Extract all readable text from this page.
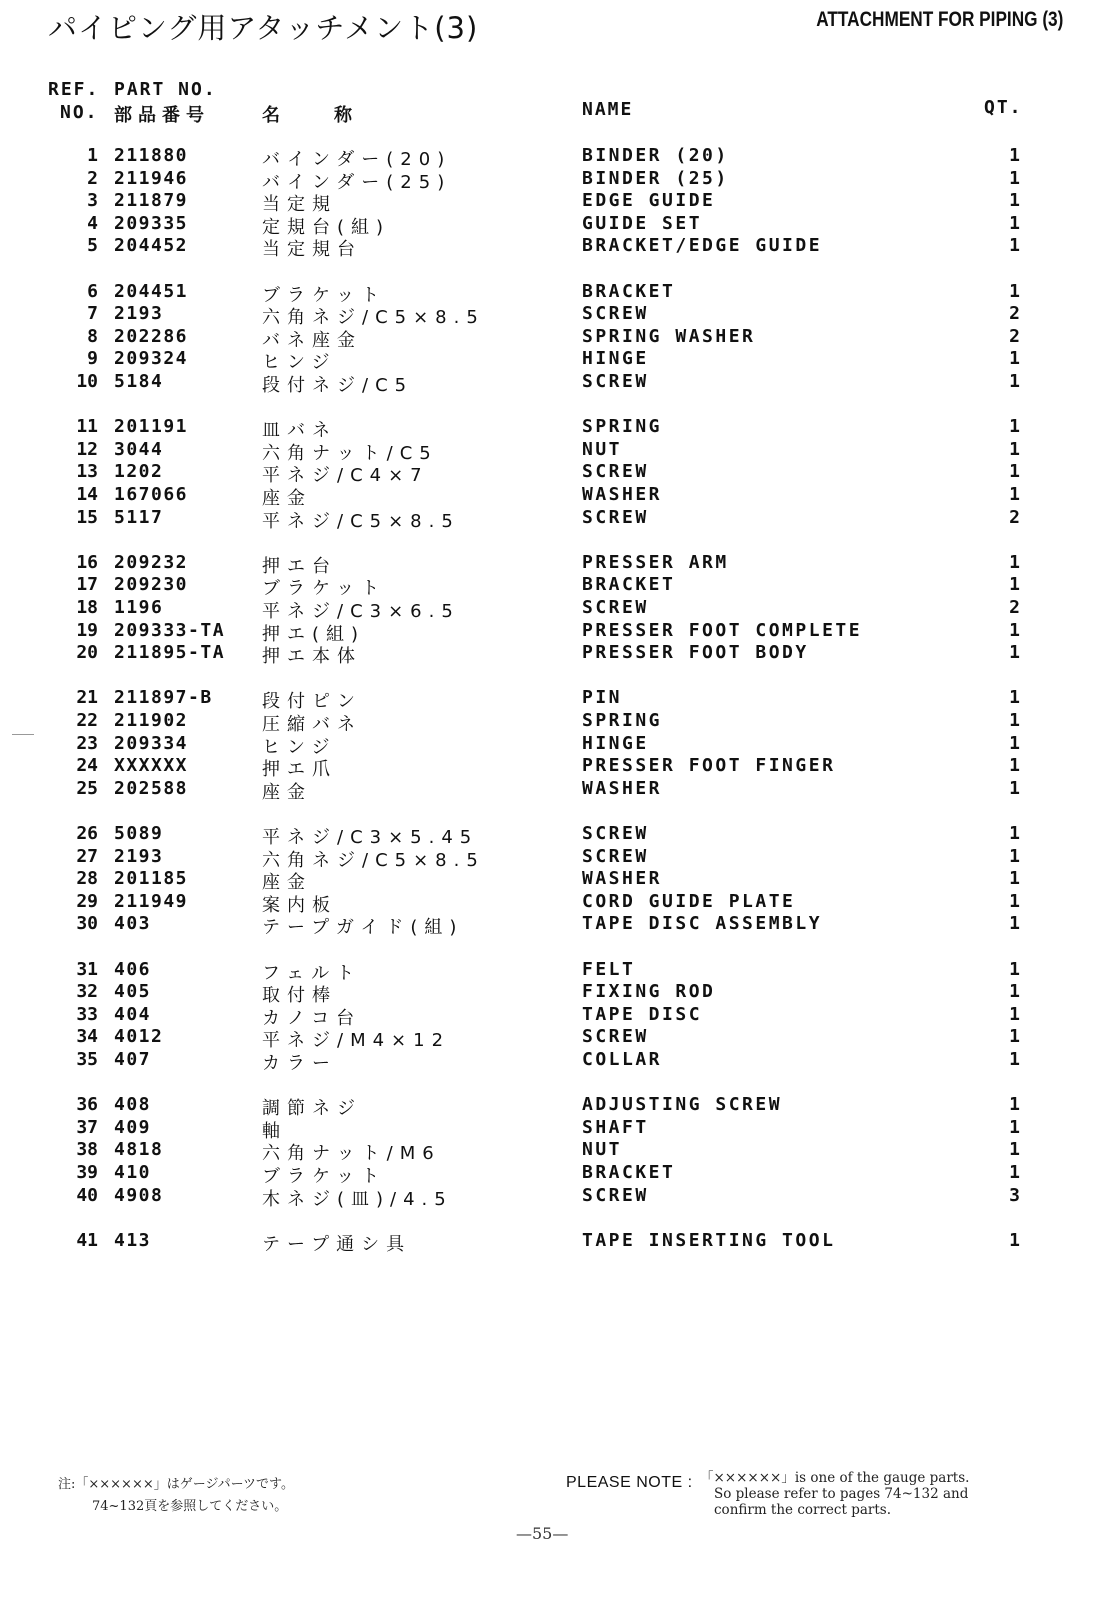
パイピング用アタッチメント(3)	ATTACHMENT FOR PIPING (3)
REF.
NO.
PART NO.
部品番号	名　称	NAME	QT.
1 211880	バインダー(20)	BINDER (20)	1
2 211946	バインダー(25)	BINDER (25)	1
3 211879	当定規	EDGE GUIDE	1
4 209335	定規台(組)	GUIDE SET	1
5 204452	当定規台	BRACKET/EDGE GUIDE	1
6 204451	ブラケット	BRACKET	1
7 2193	六角ネジ/C5×8.5	SCREW	2
8 202286	バネ座金	SPRING WASHER	2
9 209324	ヒンジ	HINGE	1
10 5184	段付ネジ/C5	SCREW	1
11 201191	皿バネ	SPRING	1
12 3044	六角ナット/C5	NUT	1
13 1202	平ネジ/C4×7	SCREW	1
14 167066	座金	WASHER	1
15 5117	平ネジ/C5×8.5	SCREW	2
16 209232	押エ台	PRESSER ARM	1
17 209230	ブラケット	BRACKET	1
18 1196	平ネジ/C3×6.5	SCREW	2
19 209333-TA 押エ(組)	PRESSER FOOT COMPLETE	1
20 211895-TA 押エ本体	PRESSER FOOT BODY	1
21 211897-B	段付ピン	PIN	1
22 211902	圧縮バネ	SPRING	1
23 209334	ヒンジ	HINGE	1
24 XXXXXX	押エ爪	PRESSER FOOT FINGER	1
25 202588	座金	WASHER	1
26 5089	平ネジ/C3×5.45	SCREW	1
27 2193	六角ネジ/C5×8.5	SCREW	1
28 201185	座金	WASHER	1
29 211949	案内板	CORD GUIDE PLATE	1
30 403	テープガイド(組)	TAPE DISC ASSEMBLY	1
31 406	フェルト	FELT	1
32 405	取付棒	FIXING ROD	1
33 404	カノコ台	TAPE DISC	1
34 4012	平ネジ/M4×12	SCREW	1
35 407	カラー	COLLAR	1
36 408	調節ネジ	ADJUSTING SCREW	1
37 409	軸	SHAFT	1
38 4818	六角ナット/M6	NUT	1
39 410	ブラケット	BRACKET	1
40 4908	木ネジ(皿)/4.5	SCREW	3
41 413	テープ通シ具	TAPE INSERTING TOOL	1
注:「××××××」はゲージパーツです。
74~132頁を参照してください。
PLEASE NOTE : 「××××××」is one of the gauge parts.
So please refer to pages 74~132 and
confirm the correct parts.
—55—
